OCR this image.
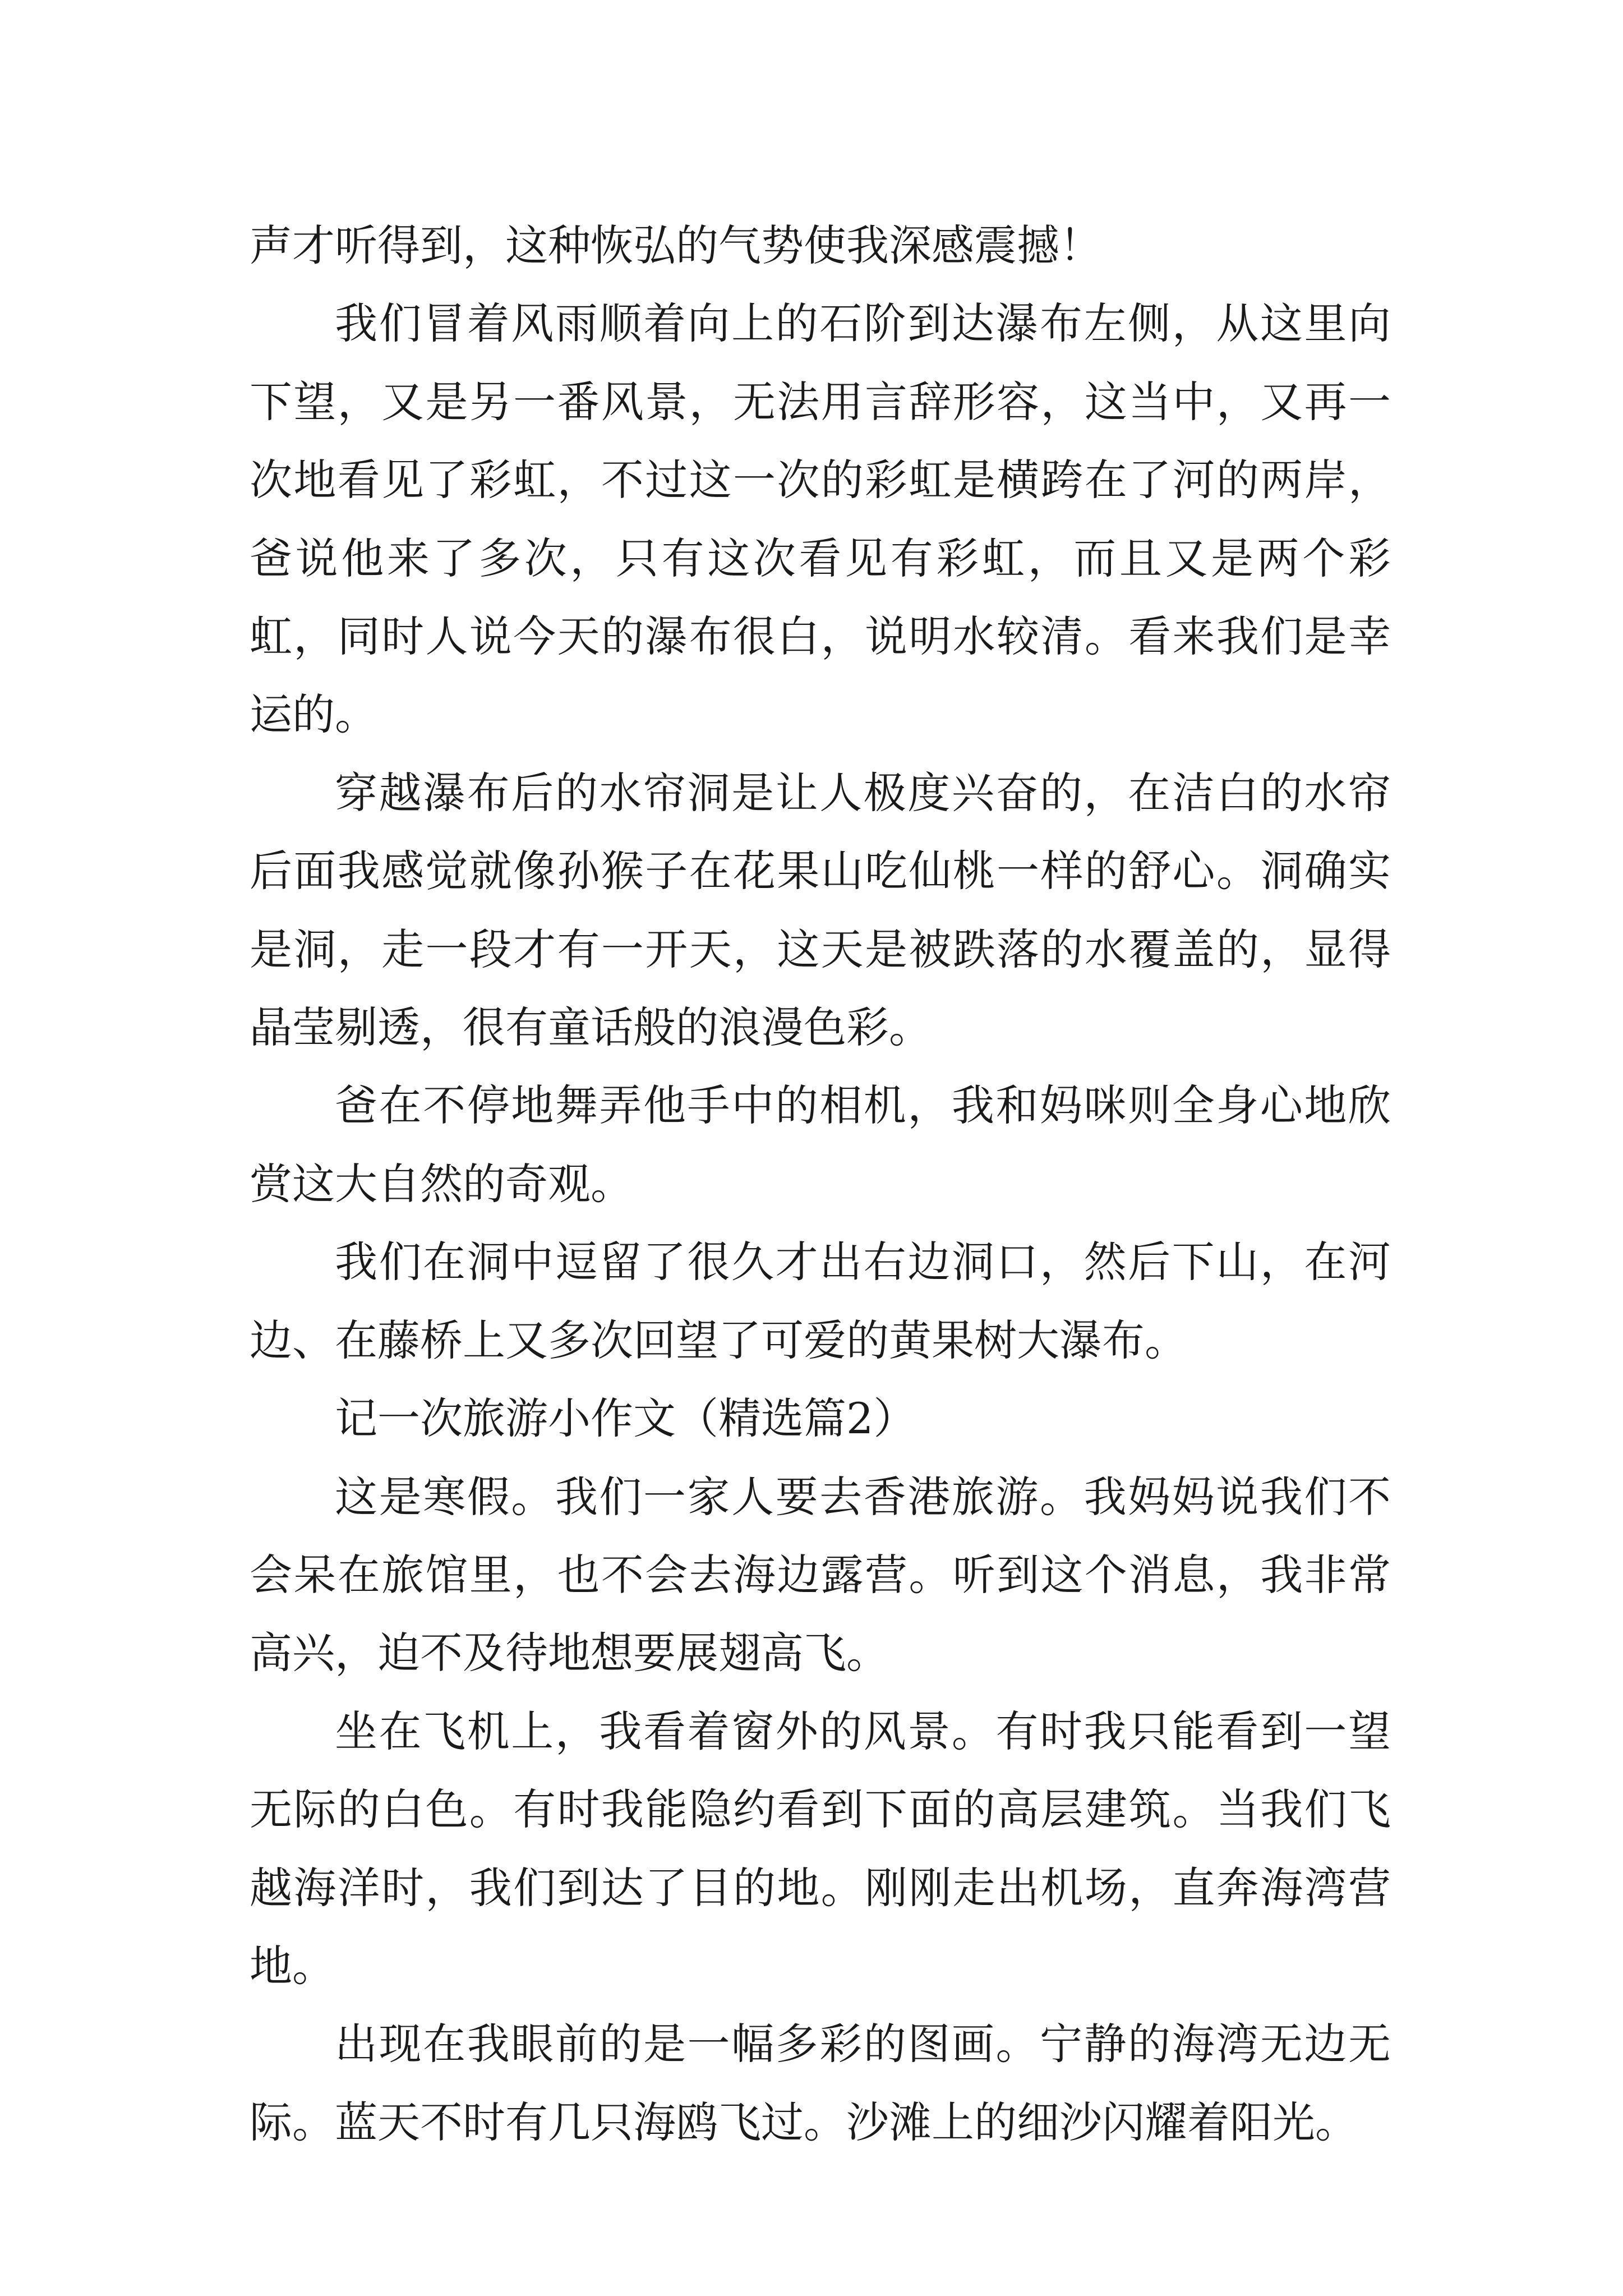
声才听得到，这种恢弘的气势使我深感震撼！

我们冒着风雨顺着向上的石阶到达瀑布左侧，从这里向下望，又是另一番风景，无法用言辞形容，这当中，又再一次地看见了彩虹，不过这一次的彩虹是横跨在了河的两岸，爸说他来了多次，只有这次看见有彩虹，而且又是两个彩虹，同时人说今天的瀑布很白，说明水较清。看来我们是幸运的。

穿越瀑布后的水帘洞是让人极度兴奋的，在洁白的水帘后面我感觉就像孙猴子在花果山吃仙桃一样的舒心。洞确实是洞，走一段才有一开天，这天是被跌落的水覆盖的，显得晶莹剔透，很有童话般的浪漫色彩。

爸在不停地舞弄他手中的相机，我和妈咪则全身心地欣赏这大自然的奇观。

我们在洞中逗留了很久才出右边洞口，然后下山，在河边、在藤桥上又多次回望了可爱的黄果树大瀑布。

记一次旅游小作文（精选篇2）

这是寒假。我们一家人要去香港旅游。我妈妈说我们不会呆在旅馆里，也不会去海边露营。听到这个消息，我非常高兴，迫不及待地想要展翅高飞。

坐在飞机上，我看着窗外的风景。有时我只能看到一望无际的白色。有时我能隐约看到下面的高层建筑。当我们飞越海洋时，我们到达了目的地。刚刚走出机场，直奔海湾营地。

出现在我眼前的是一幅多彩的图画。宁静的海湾无边无际。蓝天不时有几只海鸥飞过。沙滩上的细沙闪耀着阳光。
